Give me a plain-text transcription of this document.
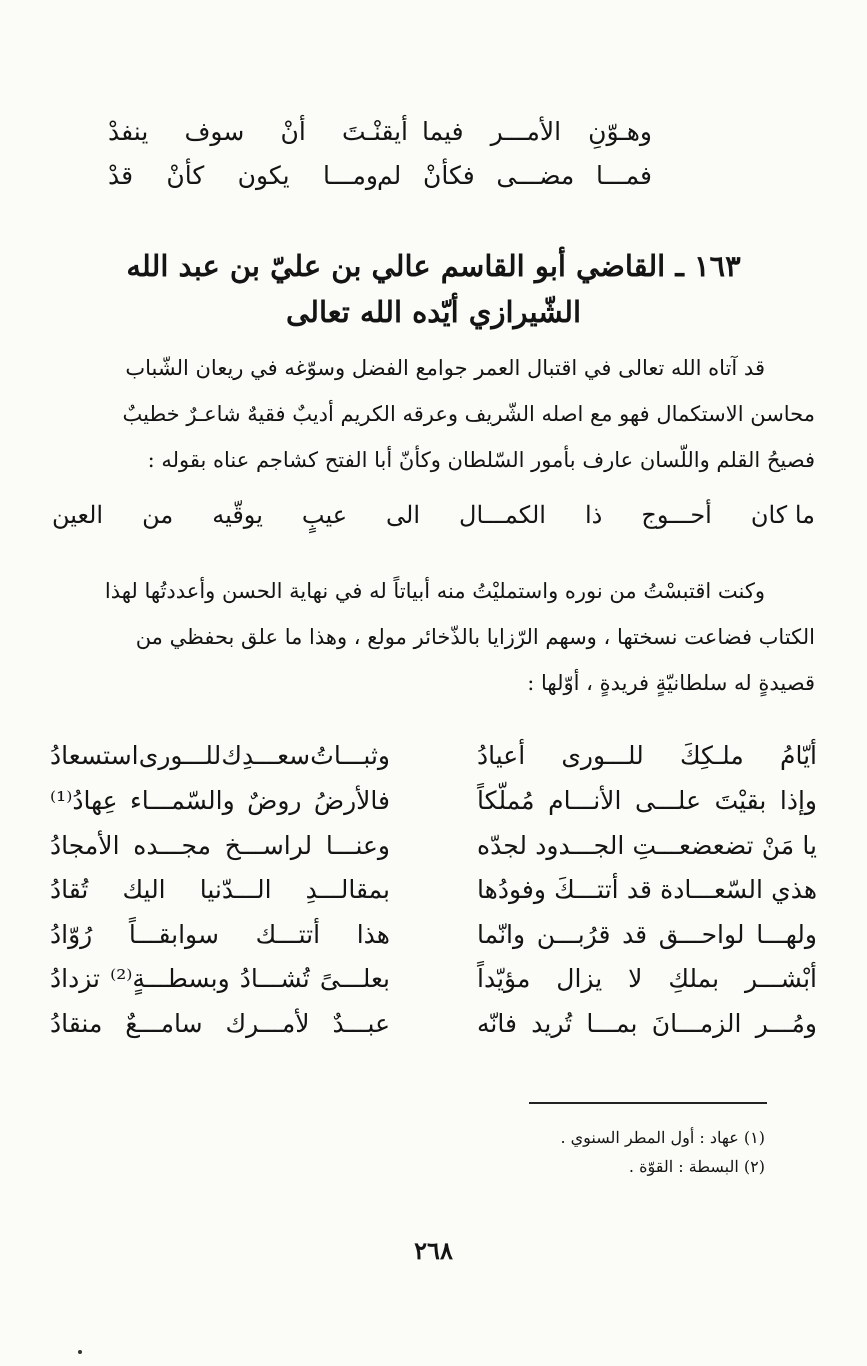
وهـوّنِ
الأمـــر
فيما
أيقنْـتَ
أنْ
سوف
ينفدْ
فمـــا
مضـــى
فكأنْ
لم
ومـــا
يكون
كأنْ
قدْ
١٦٣ ـ القاضي أبو القاسم عالي بن عليّ بن عبد الله
الشّيرازي أيّده الله تعالى
قد آتاه الله تعالى في اقتبال العمر جوامع الفضل وسوّغه في ريعان الشّباب
محاسن الاستكمال فهو مع اصله الشّريف وعرقه الكريم أديبٌ فقيهٌ شاعـرٌ خطيبٌ
فصيحُ القلم واللّسان عارف بأمور السّلطان وكأنّ أبا الفتح كشاجم عناه بقوله :
ما كان
أحـــوج
ذا
الكمـــال
الى
عيبٍ
يوقّيه
من
العين
وكنت اقتبسْتُ من نوره واستمليْتُ منه أبياتاً له في نهاية الحسن وأعددتُها لهذا
الكتاب فضاعت نسختها ، وسهم الرّزايا بالذّخائر مولع ، وهذا ما علق بحفظي من
قصيدةٍ له سلطانيّةٍ فريدةٍ ، أوّلها :
أيّامُ
ملـكِكَ
للـــورى
أعيادُ
وثبـــاتُ
سعـــدِك
للـــورى
استسعادُ
وإذا
بقيْتَ
علـــى
الأنـــام
مُملّكاً
فالأرضُ
روضٌ
والسّمـــاء
عِهادُ⁽¹⁾
يا
مَنْ
تضعضعـــتِ
الجـــدود
لجدّه
وعنـــا
لراســـخ
مجـــده
الأمجادُ
هذي
السّعـــادة
قد
أتتـــكَ
وفودُها
بمقالـــدِ
الـــدّنيا
اليك
تُقادُ
ولهـــا
لواحـــق
قد
قرُبـــن
وانّما
هذا
أتتـــك
سوابقـــاً
رُوّادُ
أبْشـــر
بملكِ
لا
يزال
مؤيّداً
بعلـــىً
تُشـــادُ
وبسطـــةٍ⁽²⁾
تزدادُ
ومُـــر
الزمـــانَ
بمـــا
تُريد
فانّه
عبـــدٌ
لأمـــرك
سامـــعٌ
منقادُ
(١) عهاد : أول المطر السنوي .
(٢) البسطة : القوّة .
٢٦٨
